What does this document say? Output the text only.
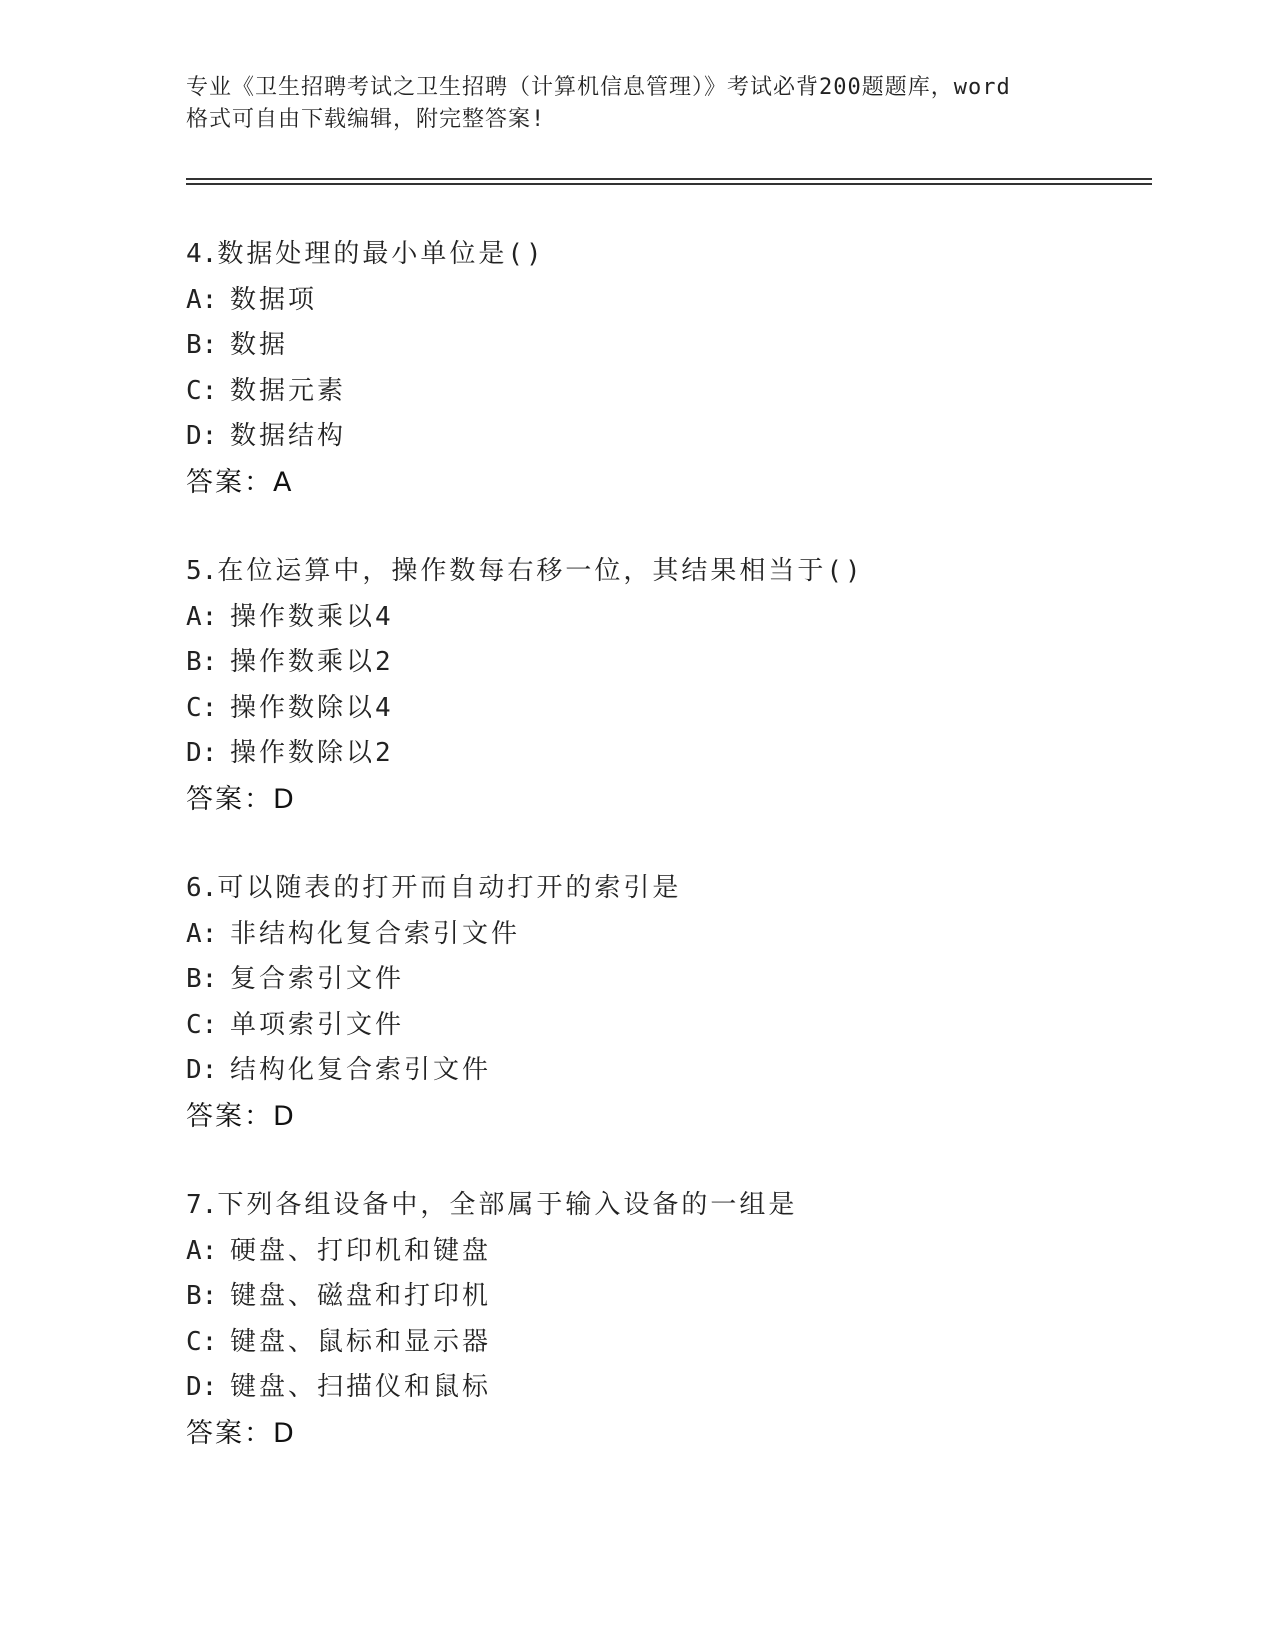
专业《卫生招聘考试之卫生招聘（计算机信息管理）》考试必背200题题库，word
格式可自由下载编辑，附完整答案!
4.数据处理的最小单位是()
A: 数据项
B: 数据
C: 数据元素
D: 数据结构
答案：A
5.在位运算中，操作数每右移一位，其结果相当于()
A: 操作数乘以4
B: 操作数乘以2
C: 操作数除以4
D: 操作数除以2
答案：D
6.可以随表的打开而自动打开的索引是
A: 非结构化复合索引文件
B: 复合索引文件
C: 单项索引文件
D: 结构化复合索引文件
答案：D
7.下列各组设备中，全部属于输入设备的一组是
A: 硬盘、打印机和键盘
B: 键盘、磁盘和打印机
C: 键盘、鼠标和显示器
D: 键盘、扫描仪和鼠标
答案：D
